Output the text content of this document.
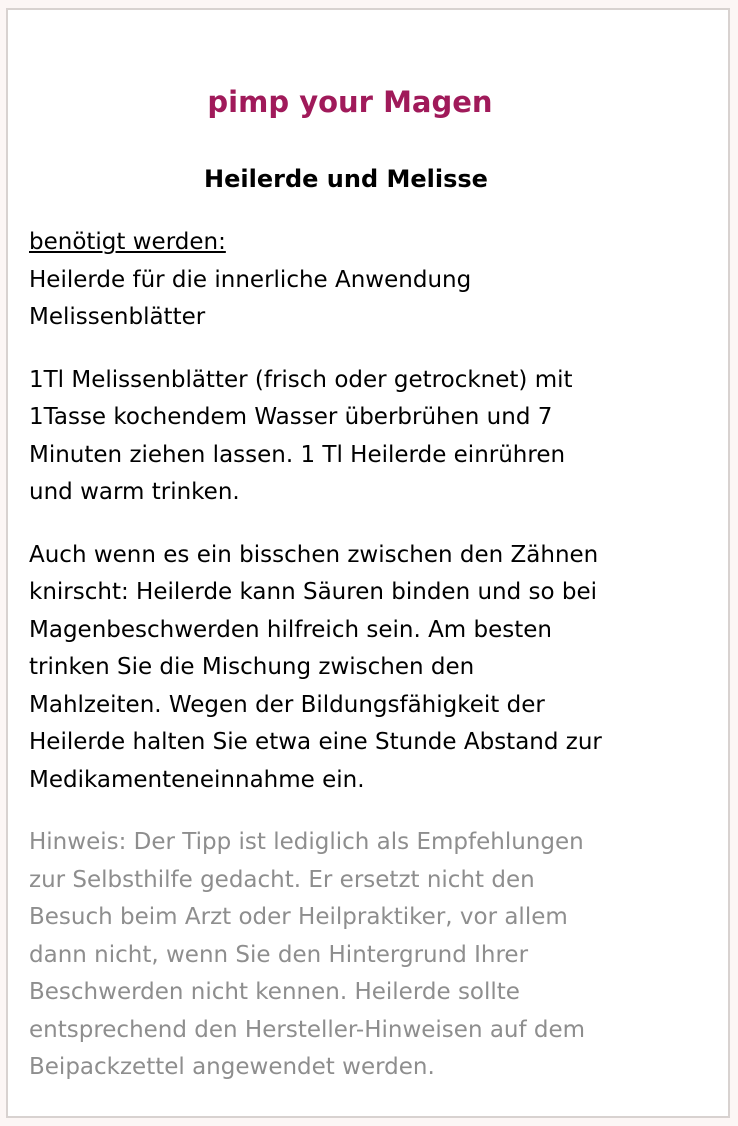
pimp your Magen
Heilerde und Melisse

benötigt werden:
Heilerde für die innerliche Anwendung
Melissenblätter

1Tl Melissenblätter (frisch oder getrocknet) mit
1Tasse kochendem Wasser überbrühen und 7
Minuten ziehen lassen. 1 Tl Heilerde einrühren
und warm trinken.

Auch wenn es ein bisschen zwischen den Zähnen
knirscht: Heilerde kann Säuren binden und so bei
Magenbeschwerden hilfreich sein. Am besten
trinken Sie die Mischung zwischen den
Mahlzeiten. Wegen der Bildungsfähigkeit der
Heilerde halten Sie etwa eine Stunde Abstand zur
Medikamenteneinnahme ein.

Hinweis: Der Tipp ist lediglich als Empfehlungen
zur Selbsthilfe gedacht. Er ersetzt nicht den
Besuch beim Arzt oder Heilpraktiker, vor allem
dann nicht, wenn Sie den Hintergrund Ihrer
Beschwerden nicht kennen. Heilerde sollte
entsprechend den Hersteller-Hinweisen auf dem
Beipackzettel angewendet werden.
